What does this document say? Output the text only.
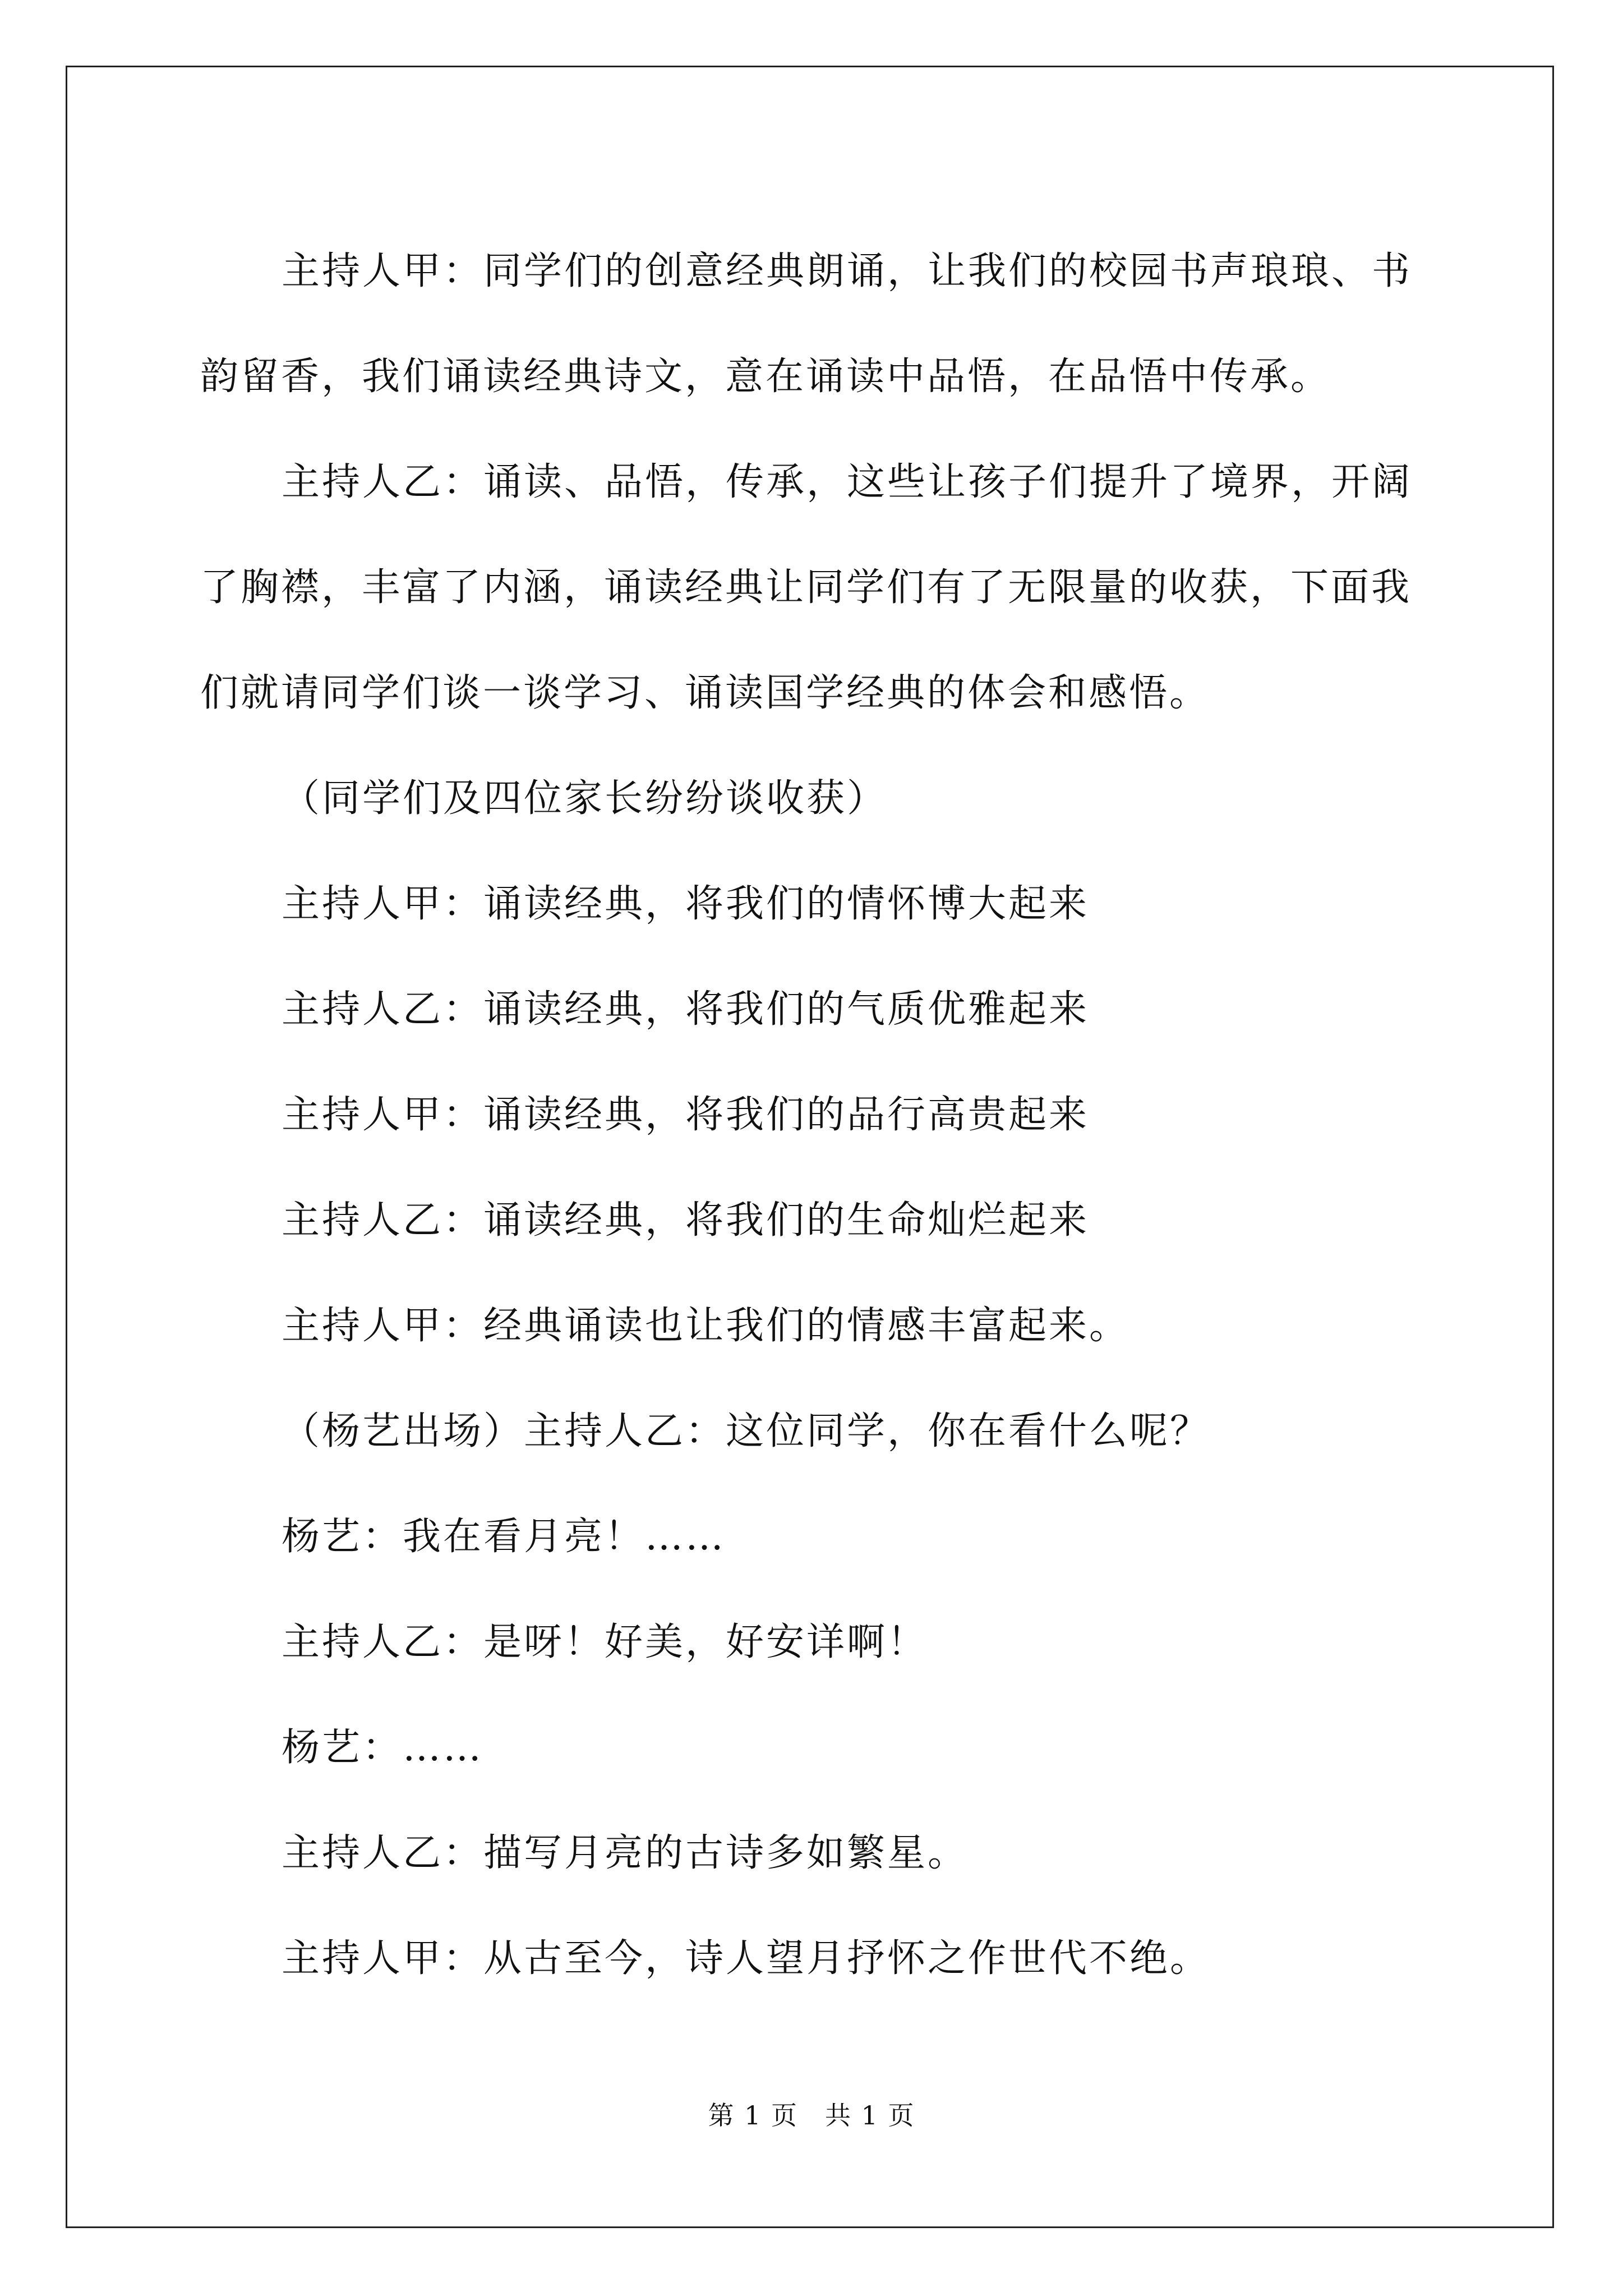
主持人甲：同学们的创意经典朗诵，让我们的校园书声琅琅、书韵留香，我们诵读经典诗文，意在诵读中品悟，在品悟中传承。

主持人乙：诵读、品悟，传承，这些让孩子们提升了境界，开阔了胸襟，丰富了内涵，诵读经典让同学们有了无限量的收获，下面我们就请同学们谈一谈学习、诵读国学经典的体会和感悟。

（同学们及四位家长纷纷谈收获）

主持人甲：诵读经典，将我们的情怀博大起来

主持人乙：诵读经典，将我们的气质优雅起来

主持人甲：诵读经典，将我们的品行高贵起来

主持人乙：诵读经典，将我们的生命灿烂起来

主持人甲：经典诵读也让我们的情感丰富起来。

（杨艺出场）主持人乙：这位同学，你在看什么呢？

杨艺：我在看月亮！……

主持人乙：是呀！好美，好安详啊！

杨艺：……

主持人乙：描写月亮的古诗多如繁星。

主持人甲：从古至今，诗人望月抒怀之作世代不绝。

第 1 页　共 1 页
